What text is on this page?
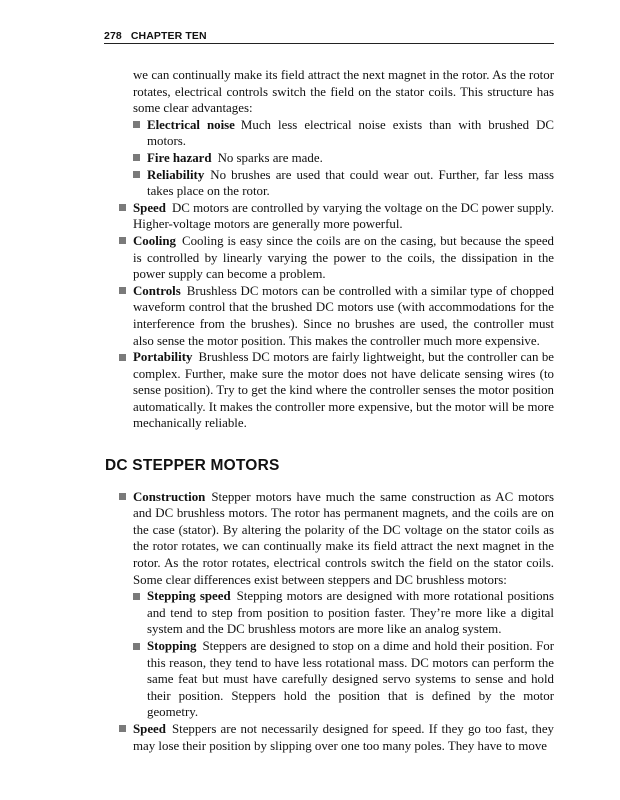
278 CHAPTER TEN

we can continually make its field attract the next magnet in the rotor. As the rotor rotates, electrical controls switch the field on the stator coils. This structure has some clear advantages:

Electrical noise Much less electrical noise exists than with brushed DC motors.
Fire hazard No sparks are made.
Reliability No brushes are used that could wear out. Further, far less mass takes place on the rotor.
Speed DC motors are controlled by varying the voltage on the DC power supply. Higher-voltage motors are generally more powerful.
Cooling Cooling is easy since the coils are on the casing, but because the speed is controlled by linearly varying the power to the coils, the dissipation in the power supply can become a problem.
Controls Brushless DC motors can be controlled with a similar type of chopped waveform control that the brushed DC motors use (with accommodations for the interference from the brushes). Since no brushes are used, the controller must also sense the motor position. This makes the controller much more expensive.
Portability Brushless DC motors are fairly lightweight, but the controller can be complex. Further, make sure the motor does not have delicate sensing wires (to sense position). Try to get the kind where the controller senses the motor position automatically. It makes the controller more expensive, but the motor will be more mechanically reliable.
DC STEPPER MOTORS
Construction Stepper motors have much the same construction as AC motors and DC brushless motors. The rotor has permanent magnets, and the coils are on the case (stator). By altering the polarity of the DC voltage on the stator coils as the rotor rotates, we can continually make its field attract the next magnet in the rotor. As the rotor rotates, electrical controls switch the field on the stator coils. Some clear differences exist between steppers and DC brushless motors:
Stepping speed Stepping motors are designed with more rotational positions and tend to step from position to position faster. They’re more like a digital system and the DC brushless motors are more like an analog system.
Stopping Steppers are designed to stop on a dime and hold their position. For this reason, they tend to have less rotational mass. DC motors can perform the same feat but must have carefully designed servo systems to sense and hold their position. Steppers hold the position that is defined by the motor geometry.
Speed Steppers are not necessarily designed for speed. If they go too fast, they may lose their position by slipping over one too many poles. They have to move
